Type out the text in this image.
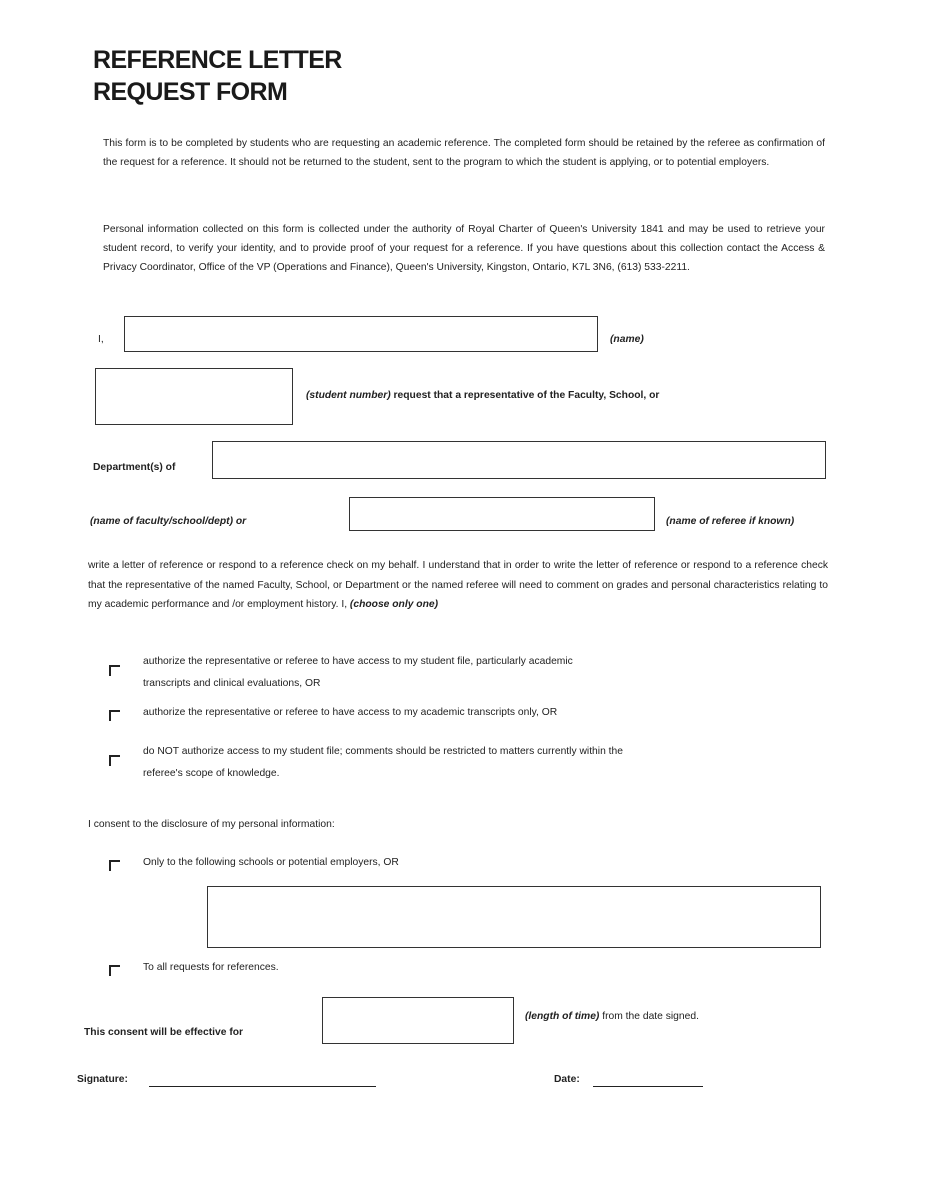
REFERENCE LETTER
REQUEST FORM
This form is to be completed by students who are requesting an academic reference. The completed form should be retained by the referee as confirmation of the request for a reference. It should not be returned to the student, sent to the program to which the student is applying, or to potential employers.
Personal information collected on this form is collected under the authority of Royal Charter of Queen's University 1841 and may be used to retrieve your student record, to verify your identity, and to provide proof of your request for a reference. If you have questions about this collection contact the Access & Privacy Coordinator, Office of the VP (Operations and Finance), Queen's University, Kingston, Ontario, K7L 3N6, (613) 533-2211.
I,	(name)
(student number) request that a representative of the Faculty, School, or
Department(s) of
(name of faculty/school/dept) or	(name of referee if known)
write a letter of reference or respond to a reference check on my behalf. I understand that in order to write the letter of reference or respond to a reference check that the representative of the named Faculty, School, or Department or the named referee will need to comment on grades and personal characteristics relating to my academic performance and /or employment history. I, (choose only one)
authorize the representative or referee to have access to my student file, particularly academic
transcripts and clinical evaluations, OR
authorize the representative or referee to have access to my academic transcripts only, OR
do NOT authorize access to my student file; comments should be restricted to matters currently within the
referee's scope of knowledge.
I consent to the disclosure of my personal information:
Only to the following schools or potential employers, OR
To all requests for references.
This consent will be effective for
(length of time) from the date signed.
Signature:	Date:
